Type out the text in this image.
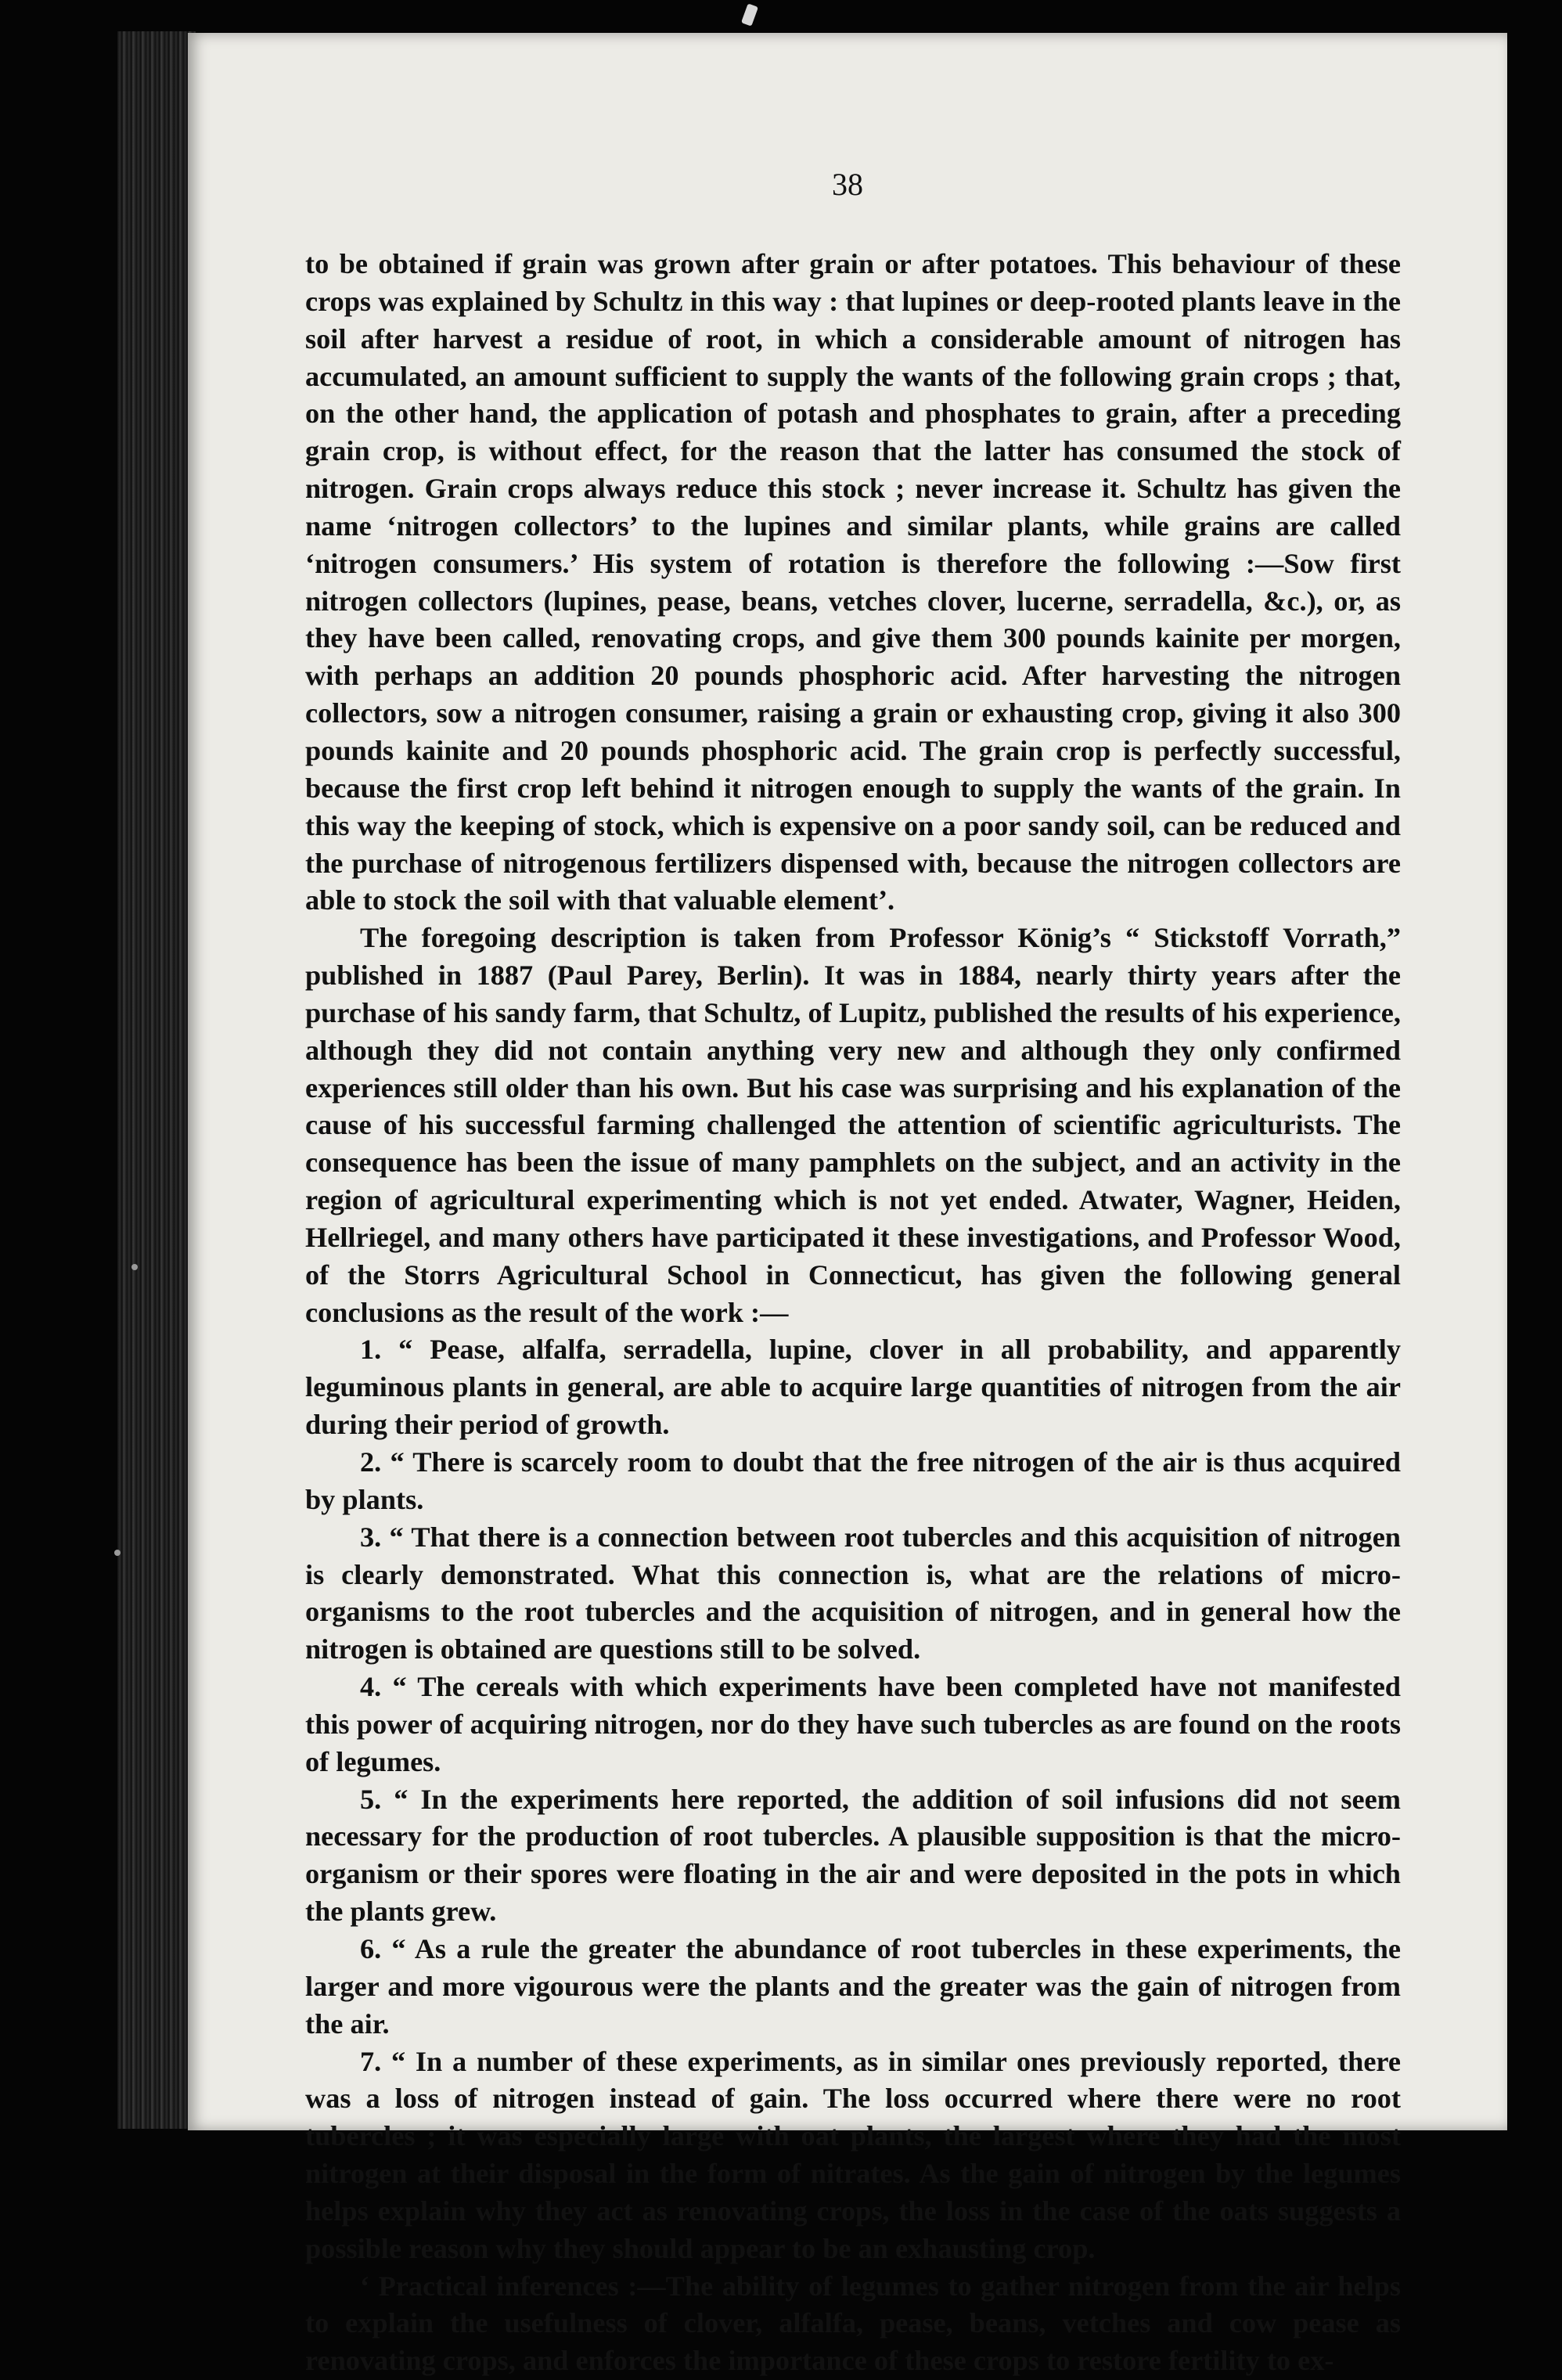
38

to be obtained if grain was grown after grain or after potatoes. This behaviour of these crops was explained by Schultz in this way : that lupines or deep-rooted plants leave in the soil after harvest a residue of root, in which a considerable amount of nitrogen has accumulated, an amount sufficient to supply the wants of the following grain crops ; that, on the other hand, the application of potash and phosphates to grain, after a preceding grain crop, is without effect, for the reason that the latter has consumed the stock of nitrogen. Grain crops always reduce this stock ; never increase it. Schultz has given the name ‘nitrogen collectors’ to the lupines and similar plants, while grains are called ‘nitrogen consumers.’ His system of rotation is therefore the following :—Sow first nitrogen collectors (lupines, pease, beans, vetches clover, lucerne, serradella, &c.), or, as they have been called, renovating crops, and give them 300 pounds kainite per morgen, with perhaps an addition 20 pounds phosphoric acid. After harvesting the nitrogen collectors, sow a nitrogen consumer, raising a grain or exhausting crop, giving it also 300 pounds kainite and 20 pounds phosphoric acid. The grain crop is perfectly successful, because the first crop left behind it nitrogen enough to supply the wants of the grain. In this way the keeping of stock, which is expensive on a poor sandy soil, can be reduced and the purchase of nitrogenous fertilizers dispensed with, because the nitrogen collectors are able to stock the soil with that valuable element’.

The foregoing description is taken from Professor König’s “ Stickstoff Vorrath,” published in 1887 (Paul Parey, Berlin). It was in 1884, nearly thirty years after the purchase of his sandy farm, that Schultz, of Lupitz, published the results of his experience, although they did not contain anything very new and although they only confirmed experiences still older than his own. But his case was surprising and his explanation of the cause of his successful farming challenged the attention of scientific agriculturists. The consequence has been the issue of many pamphlets on the subject, and an activity in the region of agricultural experimenting which is not yet ended. Atwater, Wagner, Heiden, Hellriegel, and many others have participated it these investigations, and Professor Wood, of the Storrs Agricultural School in Connecticut, has given the following general conclusions as the result of the work :—

1. “ Pease, alfalfa, serradella, lupine, clover in all probability, and apparently leguminous plants in general, are able to acquire large quantities of nitrogen from the air during their period of growth.

2. “ There is scarcely room to doubt that the free nitrogen of the air is thus acquired by plants.

3. “ That there is a connection between root tubercles and this acquisition of nitrogen is clearly demonstrated. What this connection is, what are the relations of micro-organisms to the root tubercles and the acquisition of nitrogen, and in general how the nitrogen is obtained are questions still to be solved.

4. “ The cereals with which experiments have been completed have not manifested this power of acquiring nitrogen, nor do they have such tubercles as are found on the roots of legumes.

5. “ In the experiments here reported, the addition of soil infusions did not seem necessary for the production of root tubercles. A plausible supposition is that the micro-organism or their spores were floating in the air and were deposited in the pots in which the plants grew.

6. “ As a rule the greater the abundance of root tubercles in these experiments, the larger and more vigourous were the plants and the greater was the gain of nitrogen from the air.

7. “ In a number of these experiments, as in similar ones previously reported, there was a loss of nitrogen instead of gain. The loss occurred where there were no root tubercles ; it was especially large with oat plants, the largest where they had the most nitrogen at their disposal in the form of nitrates. As the gain of nitrogen by the legumes helps explain why they act as renovating crops, the loss in the case of the oats suggests a possible reason why they should appear to be an exhausting crop.

‘ Practical inferences :—The ability of legumes to gather nitrogen from the air helps to explain the usefulness of clover, alfalfa, pease, beans, vetches and cow pease as renovating crops, and enforces the importance of these crops to restore fertility to ex-
